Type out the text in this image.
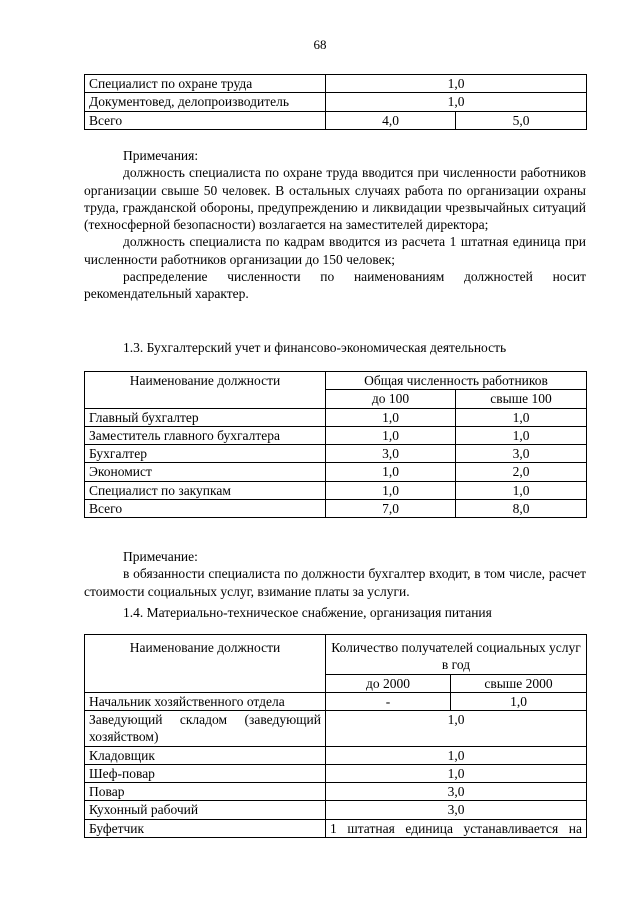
68
Специалист по охране труда	1,0	
Документовед, делопроизводитель	1,0	
Всего	4,0	5,0

Примечания:

должность специалиста по охране труда вводится при численности работников организации свыше 50 человек. В остальных случаях работа по организации охраны труда, гражданской обороны, предупреждению и ликвидации чрезвычайных ситуаций (техносферной безопасности) возлагается на заместителей директора;

должность специалиста по кадрам вводится из расчета 1 штатная единица при численности работников организации до 150 человек;

распределение численности по наименованиям должностей носит рекомендательный характер.

1.3. Бухгалтерский учет и финансово-экономическая деятельность
Наименование должности	Общая численность работников	
	до 100	свыше 100
Главный бухгалтер	1,0	1,0
Заместитель главного бухгалтера	1,0	1,0
Бухгалтер	3,0	3,0
Экономист	1,0	2,0
Специалист по закупкам	1,0	1,0
Всего	7,0	8,0

Примечание:

в обязанности специалиста по должности бухгалтер входит, в том числе, расчет стоимости социальных услуг, взимание платы за услуги.

1.4. Материально-техническое снабжение, организация питания
Наименование должности	Количество получателей социальных услуг в год	
	до 2000	свыше 2000
Начальник хозяйственного отдела	-	1,0
Заведующий складом (заведующий хозяйством)	1,0	
Кладовщик	1,0	
Шеф-повар	1,0	
Повар	3,0	
Кухонный рабочий	3,0	
Буфетчик	1 штатная единица устанавливается на	
